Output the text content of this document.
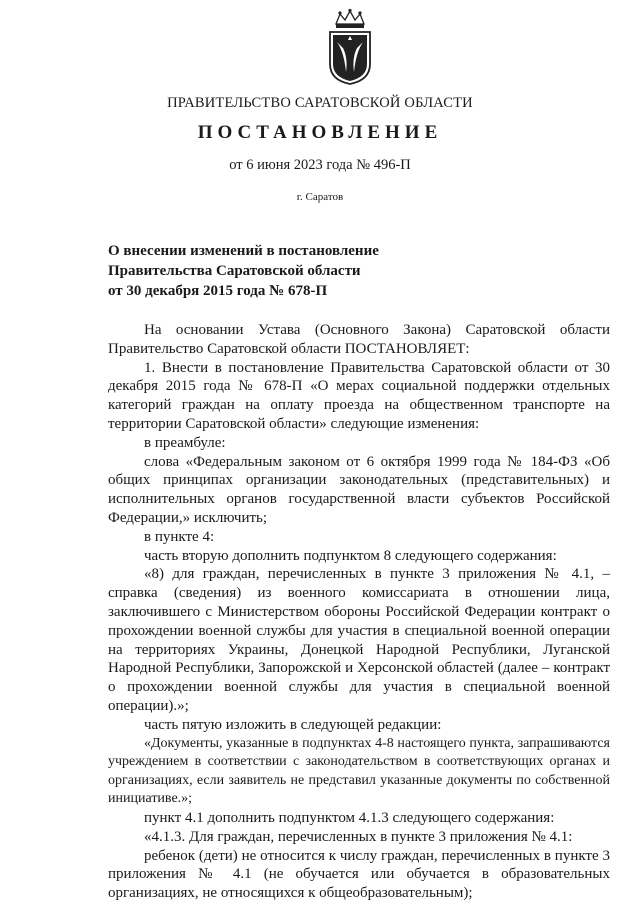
ПРАВИТЕЛЬСТВО САРАТОВСКОЙ ОБЛАСТИ
ПОСТАНОВЛЕНИЕ
от 6 июня 2023 года № 496-П
г. Саратов
О внесении изменений в постановление
Правительства Саратовской области
от 30 декабря 2015 года № 678-П

На основании Устава (Основного Закона) Саратовской области Правительство Саратовской области ПОСТАНОВЛЯЕТ:

1. Внести в постановление Правительства Саратовской области от 30 декабря 2015 года № 678-П «О мерах социальной поддержки отдельных категорий граждан на оплату проезда на общественном транспорте на территории Саратовской области» следующие изменения:

в преамбуле:

слова «Федеральным законом от 6 октября 1999 года № 184-ФЗ «Об общих принципах организации законодательных (представительных) и исполнительных органов государственной власти субъектов Российской Федерации,» исключить;

в пункте 4:

часть вторую дополнить подпунктом 8 следующего содержания:

«8) для граждан, перечисленных в пункте 3 приложения № 4.1, – справка (сведения) из военного комиссариата в отношении лица, заключившего с Министерством обороны Российской Федерации контракт о прохождении военной службы для участия в специальной военной операции на территориях Украины, Донецкой Народной Республики, Луганской Народной Республики, Запорожской и Херсонской областей (далее – контракт о прохождении военной службы для участия в специальной военной операции).»;

часть пятую изложить в следующей редакции:

«Документы, указанные в подпунктах 4-8 настоящего пункта, запрашиваются учреждением в соответствии с законодательством в соответствующих органах и организациях, если заявитель не представил указанные документы по собственной инициативе.»;

пункт 4.1 дополнить подпунктом 4.1.3 следующего содержания:

«4.1.3. Для граждан, перечисленных в пункте 3 приложения № 4.1:

ребенок (дети) не относится к числу граждан, перечисленных в пункте 3 приложения № 4.1 (не обучается или обучается в образовательных организациях, не относящихся к общеобразовательным);
